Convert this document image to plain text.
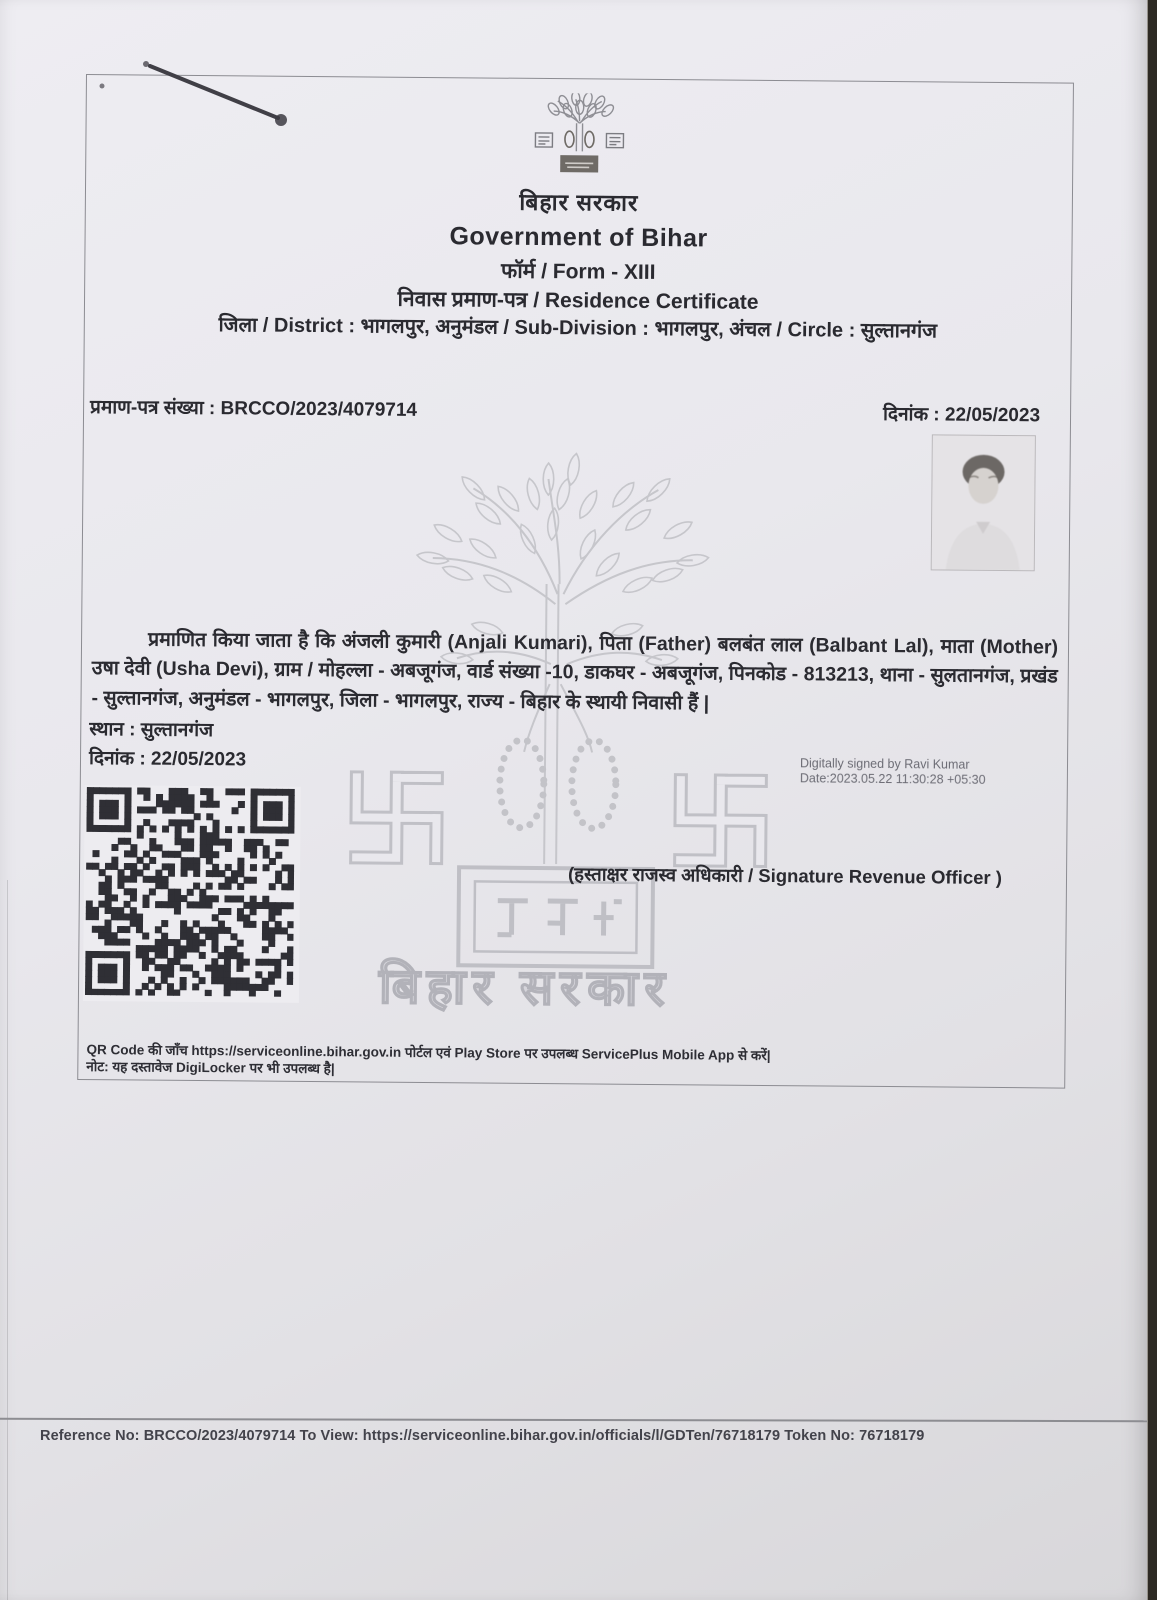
बिहार सरकार
बिहार सरकार
Government of Bihar
फॉर्म / Form - XIII
निवास प्रमाण-पत्र / Residence Certificate
जिला / District : भागलपुर, अनुमंडल / Sub-Division : भागलपुर, अंचल / Circle : सुल्तानगंज
प्रमाण-पत्र संख्या : BRCCO/2023/4079714	दिनांक : 22/05/2023

प्रमाणित किया जाता है कि अंजली कुमारी (Anjali Kumari), पिता (Father) बलबंत लाल (Balbant Lal), माता (Mother) उषा देवी (Usha Devi), ग्राम / मोहल्ला - अबजूगंज, वार्ड संख्या -10, डाकघर - अबजूगंज, पिनकोड - 813213, थाना - सुलतानगंज, प्रखंड - सुल्तानगंज, अनुमंडल - भागलपुर, जिला - भागलपुर, राज्य - बिहार के स्थायी निवासी हैं |

स्थान : सुल्तानगंज
दिनांक : 22/05/2023	Digitally signed by Ravi Kumar
Date:2023.05.22 11:30:28 +05:30
(हस्ताक्षर राजस्व अधिकारी / Signature Revenue Officer )
QR Code की जाँच https://serviceonline.bihar.gov.in पोर्टल एवं Play Store पर उपलब्ध ServicePlus Mobile App से करें|
नोट: यह दस्तावेज DigiLocker पर भी उपलब्ध है|
Reference No: BRCCO/2023/4079714 To View: https://serviceonline.bihar.gov.in/officials/l/GDTen/76718179 Token No: 76718179
